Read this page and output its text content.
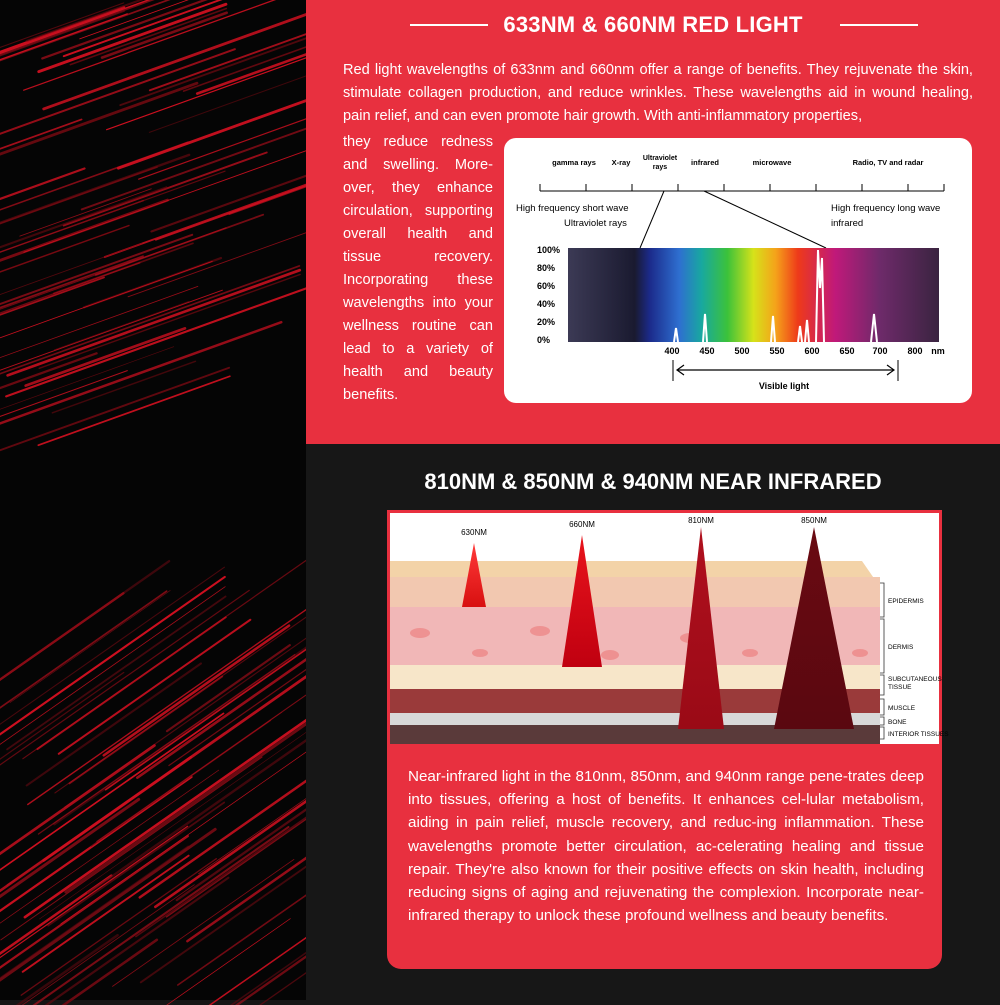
633NM & 660NM RED LIGHT
Red light wavelengths of 633nm and 660nm offer a range of benefits. They rejuvenate the skin, stimulate collagen production, and reduce wrinkles. These wavelengths aid in wound healing, pain relief, and can even promote hair growth. With anti-inflammatory properties,
they reduce redness and swelling. More-over, they enhance circulation, supporting overall health and tissue recovery. Incorporating these wavelengths into your wellness routine can lead to a variety of health and beauty benefits.
gamma rays X-ray Ultraviolet rays
infrared	microwave	Radio, TV and radar
High frequency short wave
Ultraviolet rays
High frequency long wave
infrared
100%
80%
60%
40%
20%
0%
400 450 500 550 600 650 700 800 nm
Visible light
810NM & 850NM & 940NM NEAR INFRARED
630NM
660NM	810NM	850NM
EPIDERMIS
DERMIS
SUBCUTANEOUS
TISSUE
MUSCLE
BONE
INTERIOR TISSUES
Near-infrared light in the 810nm, 850nm, and 940nm range pene-trates deep into tissues, offering a host of benefits. It enhances cel-lular metabolism, aiding in pain relief, muscle recovery, and reduc-ing inflammation. These wavelengths promote better circulation, ac-celerating healing and tissue repair. They're also known for their positive effects on skin health, including reducing signs of aging and rejuvenating the complexion. Incorporate near-infrared therapy to unlock these profound wellness and beauty benefits.
